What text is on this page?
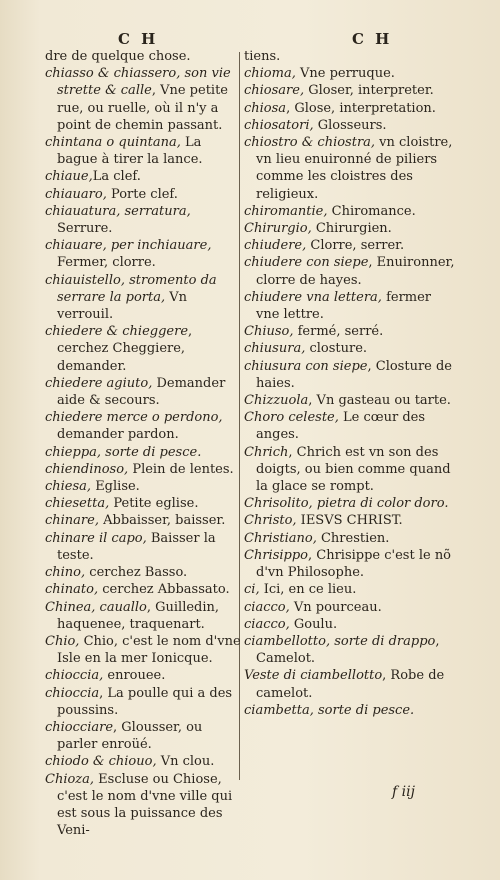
C H	C H
dre de quelque chose.
chiasso & chiassero, son vie strette & calle, Vne petite rue, ou ruelle, où il n'y a point de chemin passant.
chintana o quintana, La bague à tirer la lance.
chiaue,La clef.
chiauaro, Porte clef.
chiauatura, serratura, Serrure.
chiauare, per inchiauare, Fermer, clorre.
chiauistello, stromento da serrare la porta, Vn verrouil.
chiedere & chieggere, cerchez Cheggiere, demander.
chiedere agiuto, Demander aide & secours.
chiedere merce o perdono, demander pardon.
chieppa, sorte di pesce.
chiendinoso, Plein de lentes.
chiesa, Eglise.
chiesetta, Petite eglise.
chinare, Abbaisser, baisser.
chinare il capo, Baisser la teste.
chino, cerchez Basso.
chinato, cerchez Abbassato.
Chinea, cauallo, Guilledin, haquenee, traquenart.
Chio, Chio, c'est le nom d'vne Isle en la mer Ionicque.
chioccia, enrouee.
chioccia, La poulle qui a des poussins.
chiocciare, Glousser, ou parler enroüé.
chiodo & chiouo, Vn clou.
Chioza, Escluse ou Chiose, c'est le nom d'vne ville qui est sous la puissance des Veni-
tiens.
chioma, Vne perruque.
chiosare, Gloser, interpreter.
chiosa, Glose, interpretation.
chiosatori, Glosseurs.
chiostro & chiostra, vn cloistre, vn lieu enuironné de piliers comme les cloistres des religieux.
chiromantie, Chiromance.
Chirurgio, Chirurgien.
chiudere, Clorre, serrer.
chiudere con siepe, Enuironner, clorre de hayes.
chiudere vna lettera, fermer vne lettre.
Chiuso, fermé, serré.
chiusura, closture.
chiusura con siepe, Closture de haies.
Chizzuola, Vn gasteau ou tarte.
Choro celeste, Le cœur des anges.
Chrich, Chrich est vn son des doigts, ou bien comme quand la glace se rompt.
Chrisolito, pietra di color doro.
Christo, IESVS CHRIST.
Christiano, Chrestien.
Chrisippo, Chrisippe c'est le nõ d'vn Philosophe.
ci, Ici, en ce lieu.
ciacco, Vn pourceau.
ciacco, Goulu.
ciambellotto, sorte di drappo, Camelot.
Veste di ciambellotto, Robe de camelot.
ciambetta, sorte di pesce.
f iij
